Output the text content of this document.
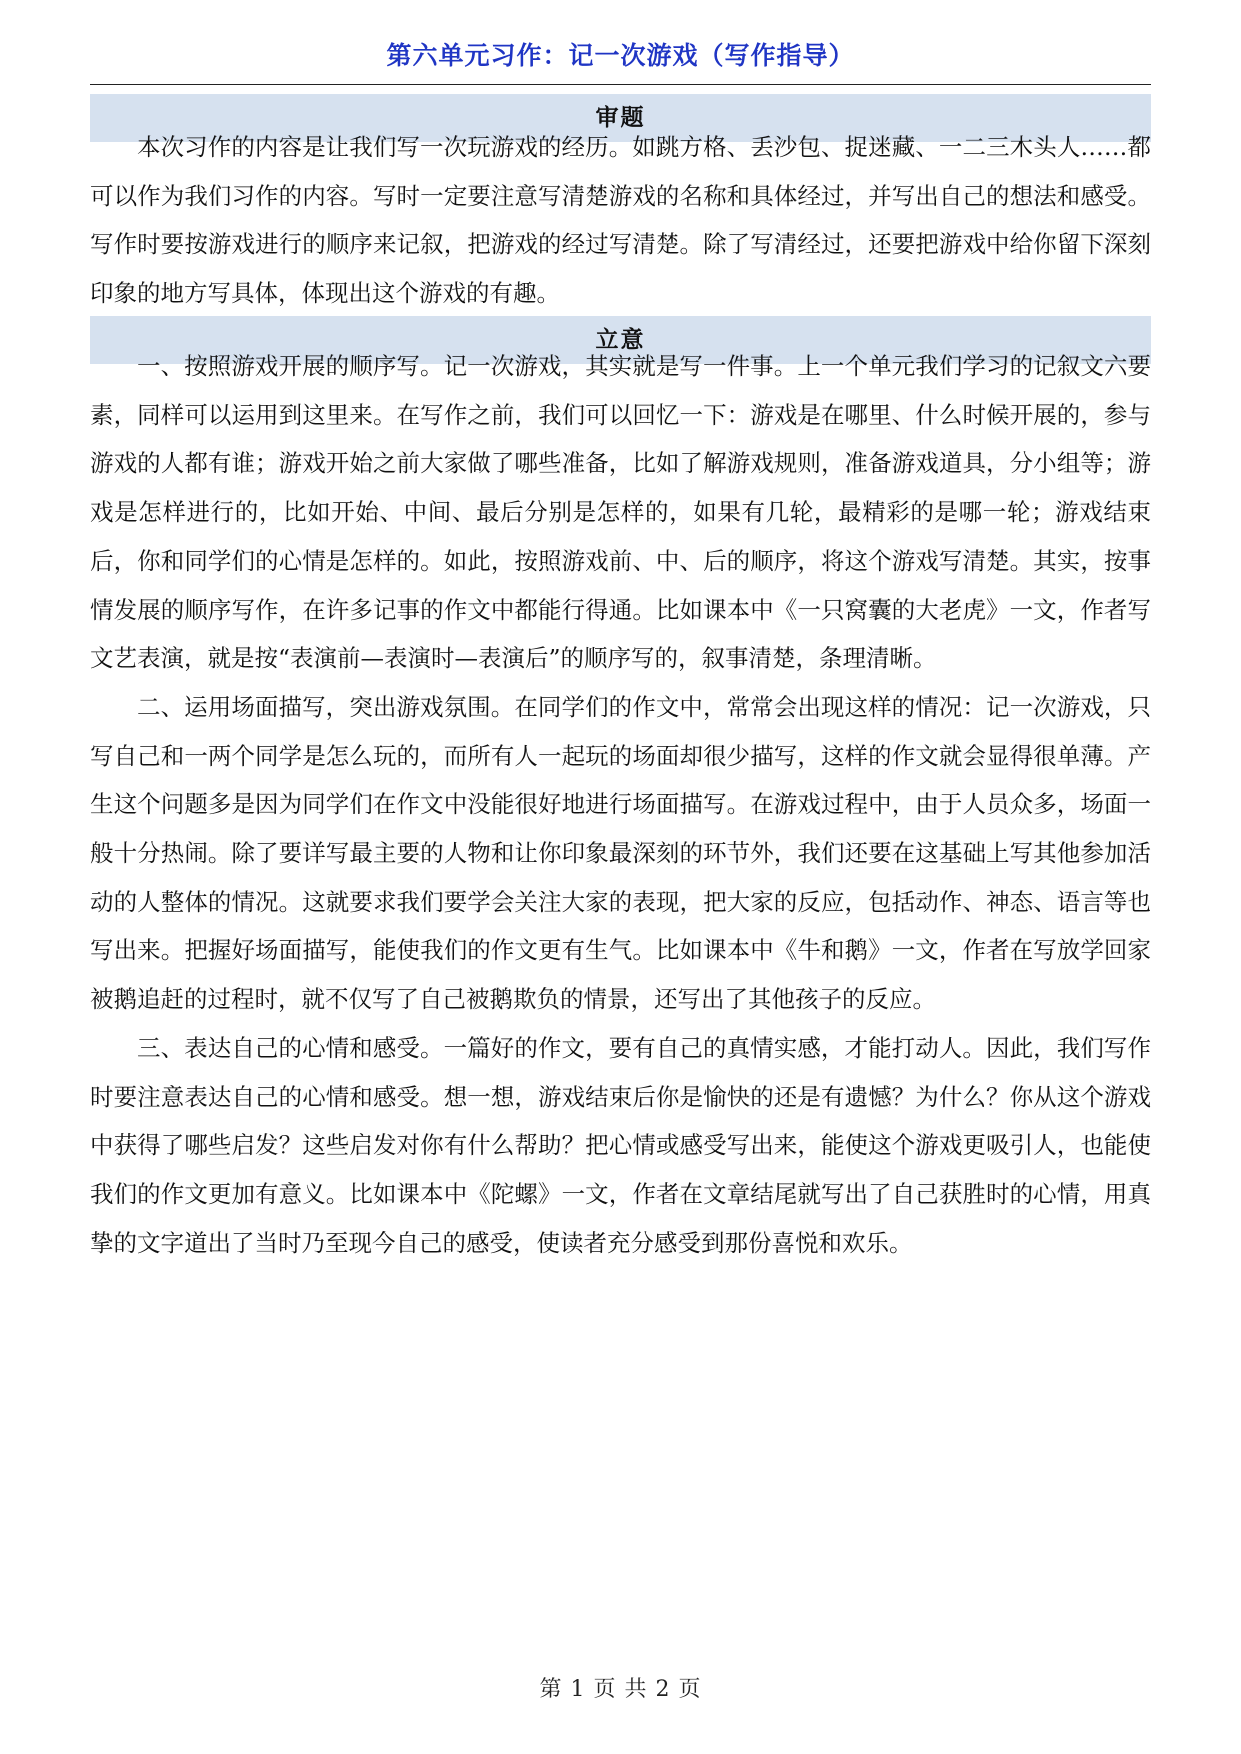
第六单元习作：记一次游戏（写作指导）
审题

本次习作的内容是让我们写一次玩游戏的经历。如跳方格、丢沙包、捉迷藏、一二三木头人……都可以作为我们习作的内容。写时一定要注意写清楚游戏的名称和具体经过，并写出自己的想法和感受。写作时要按游戏进行的顺序来记叙，把游戏的经过写清楚。除了写清经过，还要把游戏中给你留下深刻印象的地方写具体，体现出这个游戏的有趣。

立意

一、按照游戏开展的顺序写。记一次游戏，其实就是写一件事。上一个单元我们学习的记叙文六要素，同样可以运用到这里来。在写作之前，我们可以回忆一下：游戏是在哪里、什么时候开展的，参与游戏的人都有谁；游戏开始之前大家做了哪些准备，比如了解游戏规则，准备游戏道具，分小组等；游戏是怎样进行的，比如开始、中间、最后分别是怎样的，如果有几轮，最精彩的是哪一轮；游戏结束后，你和同学们的心情是怎样的。如此，按照游戏前、中、后的顺序，将这个游戏写清楚。其实，按事情发展的顺序写作，在许多记事的作文中都能行得通。比如课本中《一只窝囊的大老虎》一文，作者写文艺表演，就是按“表演前—表演时—表演后”的顺序写的，叙事清楚，条理清晰。

二、运用场面描写，突出游戏氛围。在同学们的作文中，常常会出现这样的情况：记一次游戏，只写自己和一两个同学是怎么玩的，而所有人一起玩的场面却很少描写，这样的作文就会显得很单薄。产生这个问题多是因为同学们在作文中没能很好地进行场面描写。在游戏过程中，由于人员众多，场面一般十分热闹。除了要详写最主要的人物和让你印象最深刻的环节外，我们还要在这基础上写其他参加活动的人整体的情况。这就要求我们要学会关注大家的表现，把大家的反应，包括动作、神态、语言等也写出来。把握好场面描写，能使我们的作文更有生气。比如课本中《牛和鹅》一文，作者在写放学回家被鹅追赶的过程时，就不仅写了自己被鹅欺负的情景，还写出了其他孩子的反应。

三、表达自己的心情和感受。一篇好的作文，要有自己的真情实感，才能打动人。因此，我们写作时要注意表达自己的心情和感受。想一想，游戏结束后你是愉快的还是有遗憾？为什么？你从这个游戏中获得了哪些启发？这些启发对你有什么帮助？把心情或感受写出来，能使这个游戏更吸引人，也能使我们的作文更加有意义。比如课本中《陀螺》一文，作者在文章结尾就写出了自己获胜时的心情，用真挚的文字道出了当时乃至现今自己的感受，使读者充分感受到那份喜悦和欢乐。

第 1 页 共 2 页
